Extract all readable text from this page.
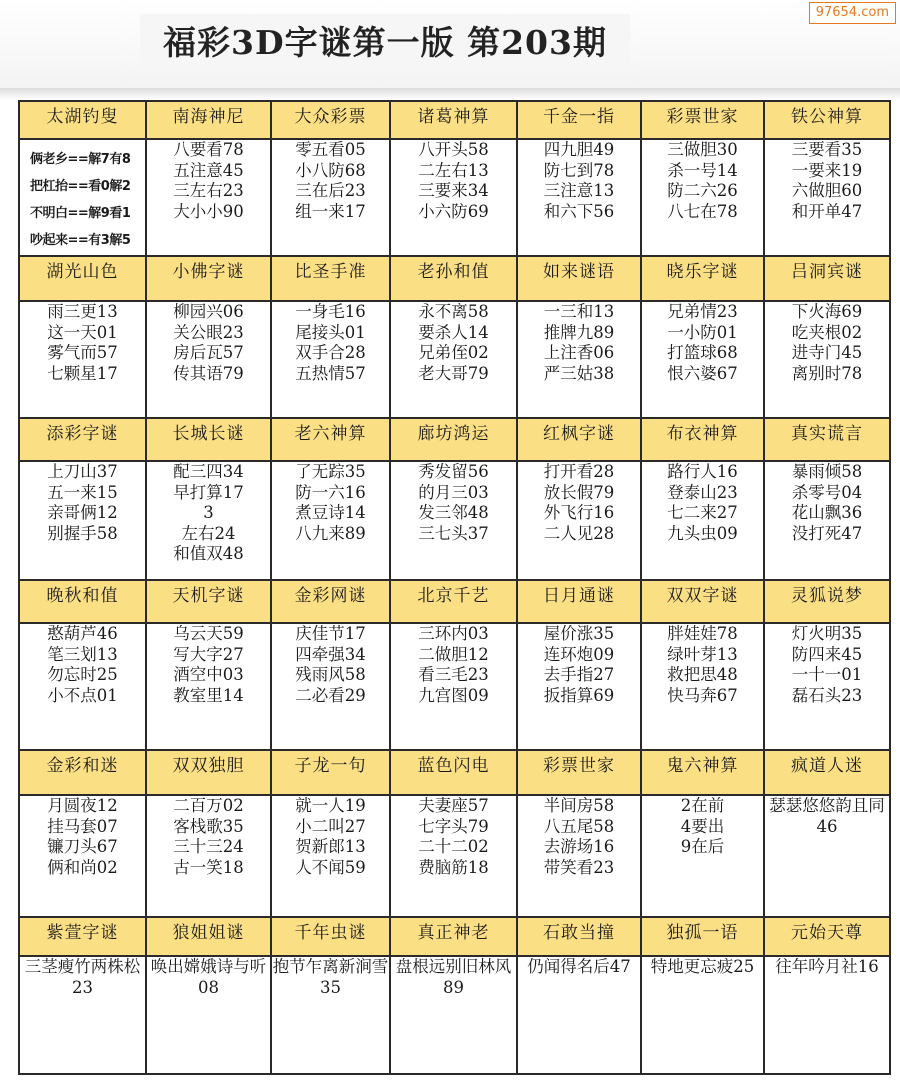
福彩3D字谜第一版 第203期
97654.com
太湖钓叟	南海神尼	大众彩票	诸葛神算	千金一指	彩票世家	铁公神算

俩老乡==解7有8
把杠抬==看0解2
不明白==解9看1
吵起来==有3解5	八要看78
五注意45
三左右23
大小小90	零五看05
小八防68
三在后23
组一来17	八开头58
二左右13
三要来34
小六防69	四九胆49
防七到78
三注意13
和六下56	三做胆30
杀一号14
防二六26
八七在78	三要看35
一要来19
六做胆60
和开单47

湖光山色	小佛字谜	比圣手准	老孙和值	如来谜语	晓乐字谜	吕洞宾谜

雨三更13
这一天01
雾气而57
七颗星17	柳园兴06
关公眼23
房后瓦57
传其语79	一身毛16
尾接头01
双手合28
五热情57	永不离58
要杀人14
兄弟侄02
老大哥79	一三和13
推牌九89
上注香06
严三姑38	兄弟情23
一小防01
打篮球68
恨六婆67	下火海69
吃夹根02
进寺门45
离别时78

添彩字谜	长城长谜	老六神算	廊坊鸿运	红枫字谜	布衣神算	真实谎言

上刀山37
五一来15
亲哥俩12
别握手58	配三四34
早打算17
3
左右24
和值双48	了无踪35
防一六16
煮豆诗14
八九来89	秀发留56
的月三03
发三邻48
三七头37	打开看28
放长假79
外飞行16
二人见28	路行人16
登泰山23
七二来27
九头虫09	暴雨倾58
杀零号04
花山飘36
没打死47

晚秋和值	天机字谜	金彩网谜	北京千艺	日月通谜	双双字谜	灵狐说梦

憨葫芦46
笔三划13
勿忘时25
小不点01	乌云天59
写大字27
酒空中03
教室里14	庆佳节17
四牵强34
残雨风58
二必看29	三环内03
二做胆12
看三毛23
九宫图09	屋价涨35
连环炮09
去手指27
扳指算69	胖娃娃78
绿叶芽13
救把思48
快马奔67	灯火明35
防四来45
一十一01
磊石头23

金彩和迷	双双独胆	子龙一句	蓝色闪电	彩票世家	鬼六神算	疯道人迷

月圆夜12
挂马套07
镰刀头67
俩和尚02	二百万02
客栈歌35
三十三24
古一笑18	就一人19
小二叫27
贺新郎13
人不闻59	夫妻座57
七字头79
二十二02
费脑筋18	半间房58
八五尾58
去游场16
带笑看23	2在前
4要出
9在后	瑟瑟悠悠韵且同46

紫萱字谜	狼姐姐谜	千年虫谜	真正神老	石敢当撞	独孤一语	元始天尊

三茎瘦竹两株松23	唤出嫦娥诗与听08	抱节乍离新涧雪35	盘根远别旧林风89	仍闻得名后47	特地更忘疲25	往年吟月社16
